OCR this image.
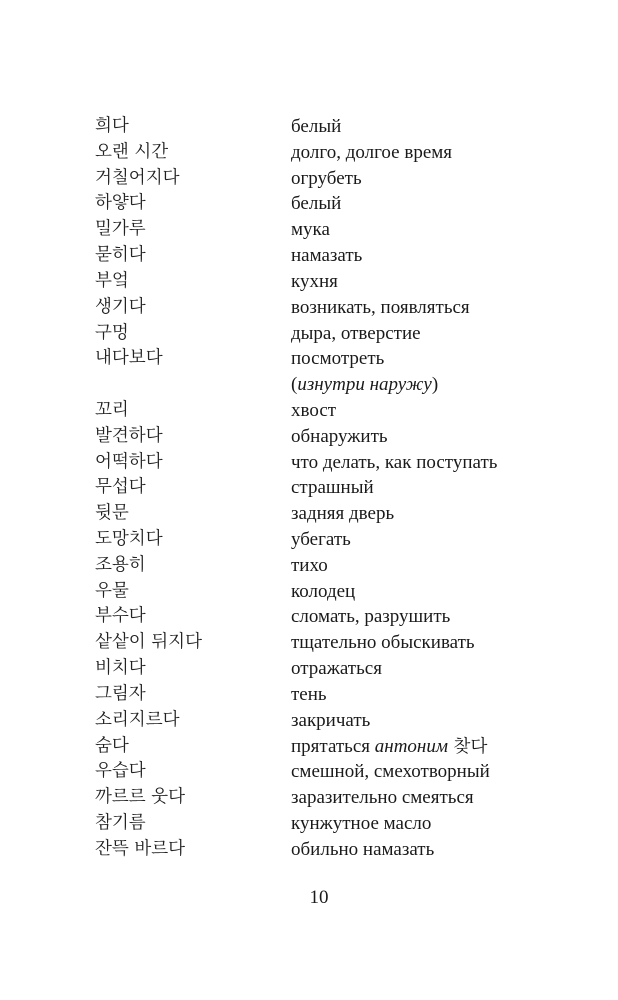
희다	белый
오랜 시간	долго, долгое время
거칠어지다	огрубеть
하얗다	белый
밀가루	мука
묻히다	намазать
부엌	кухня
생기다	возникать, появляться
구멍	дыра, отверстие
내다보다	посмотреть
(изнутри наружу)
꼬리	хвост
발견하다	обнаружить
어떡하다	что делать, как поступать
무섭다	страшный
뒷문	задняя дверь
도망치다	убегать
조용히	тихо
우물	колодец
부수다	сломать, разрушить
샅샅이 뒤지다	тщательно обыскивать
비치다	отражаться
그림자	тень
소리지르다	закричать
숨다	прятаться антоним 찾다
우습다	смешной, смехотворный
까르르 웃다	заразительно смеяться
참기름	кунжутное масло
잔뜩 바르다	обильно намазать
10
